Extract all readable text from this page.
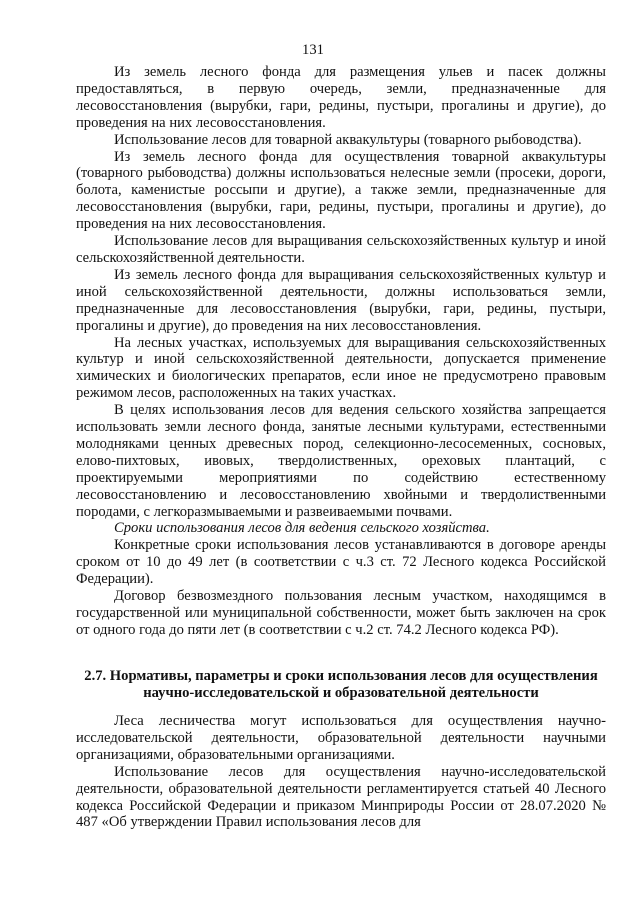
131

Из земель лесного фонда для размещения ульев и пасек должны предоставляться, в первую очередь, земли, предназначенные для лесовосстановления (вырубки, гари, редины, пустыри, прогалины и другие), до проведения на них лесовосстановления.

Использование лесов для товарной аквакультуры (товарного рыбоводства).

Из земель лесного фонда для осуществления товарной аквакультуры (товарного рыбоводства) должны использоваться нелесные земли (просеки, дороги, болота, каменистые россыпи и другие), а также земли, предназначенные для лесовосстановления (вырубки, гари, редины, пустыри, прогалины и другие), до проведения на них лесовосстановления.

Использование лесов для выращивания сельскохозяйственных культур и иной сельскохозяйственной деятельности.

Из земель лесного фонда для выращивания сельскохозяйственных культур и иной сельскохозяйственной деятельности, должны использоваться земли, предназначенные для лесовосстановления (вырубки, гари, редины, пустыри, прогалины и другие), до проведения на них лесовосстановления.

На лесных участках, используемых для выращивания сельскохозяйственных культур и иной сельскохозяйственной деятельности, допускается применение химических и биологических препаратов, если иное не предусмотрено правовым режимом лесов, расположенных на таких участках.

В целях использования лесов для ведения сельского хозяйства запрещается использовать земли лесного фонда, занятые лесными культурами, естественными молодняками ценных древесных пород, селекционно-лесосеменных, сосновых, елово-пихтовых, ивовых, твердолиственных, ореховых плантаций, с проектируемыми мероприятиями по содействию естественному лесовосстановлению и лесовосстановлению хвойными и твердолиственными породами, с легкоразмываемыми и развеиваемыми почвами.

Сроки использования лесов для ведения сельского хозяйства.

Конкретные сроки использования лесов устанавливаются в договоре аренды сроком от 10 до 49 лет (в соответствии с ч.3 ст. 72 Лесного кодекса Российской Федерации).

Договор безвозмездного пользования лесным участком, находящимся в государственной или муниципальной собственности, может быть заключен на срок от одного года до пяти лет (в соответствии с ч.2 ст. 74.2 Лесного кодекса РФ).

2.7. Нормативы, параметры и сроки использования лесов для осуществления научно-исследовательской и образовательной деятельности

Леса лесничества могут использоваться для осуществления научно-исследовательской деятельности, образовательной деятельности научными организациями, образовательными организациями.

Использование лесов для осуществления научно-исследовательской деятельности, образовательной деятельности регламентируется статьей 40 Лесного кодекса Российской Федерации и приказом Минприроды России от 28.07.2020 № 487 «Об утверждении Правил использования лесов для
